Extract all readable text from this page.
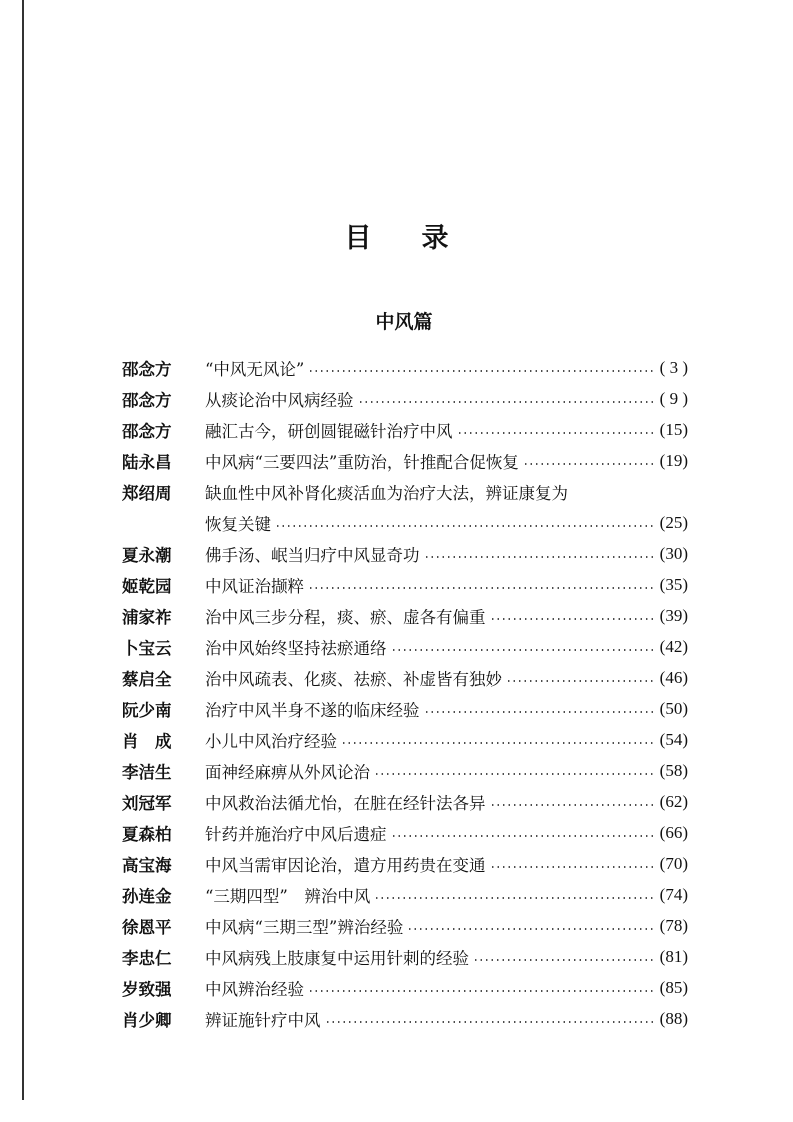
目录
中风篇
邵念方	“中风无风论”	( 3 )
邵念方	从痰论治中风病经验	( 9 )
邵念方	融汇古今，研创圆锟磁针治疗中风	(15)
陆永昌	中风病“三要四法”重防治，针推配合促恢复	(19)
郑绍周	缺血性中风补肾化痰活血为治疗大法，辨证康复为
恢复关键	(25)
夏永潮	佛手汤、岷当归疗中风显奇功	(30)
姬乾园	中风证治撷粹	(35)
浦家祚	治中风三步分程，痰、瘀、虚各有偏重	(39)
卜宝云	治中风始终坚持祛瘀通络	(42)
蔡启全	治中风疏表、化痰、祛瘀、补虚皆有独妙	(46)
阮少南	治疗中风半身不遂的临床经验	(50)
肖　成	小儿中风治疗经验	(54)
李洁生	面神经麻痹从外风论治	(58)
刘冠军	中风救治法循尤怡，在脏在经针法各异	(62)
夏森柏	针药并施治疗中风后遗症	(66)
高宝海	中风当需审因论治，遣方用药贵在变通	(70)
孙连金	“三期四型”　辨治中风	(74)
徐恩平	中风病“三期三型”辨治经验	(78)
李忠仁	中风病残上肢康复中运用针刺的经验	(81)
岁致强	中风辨治经验	(85)
肖少卿	辨证施针疗中风	(88)
